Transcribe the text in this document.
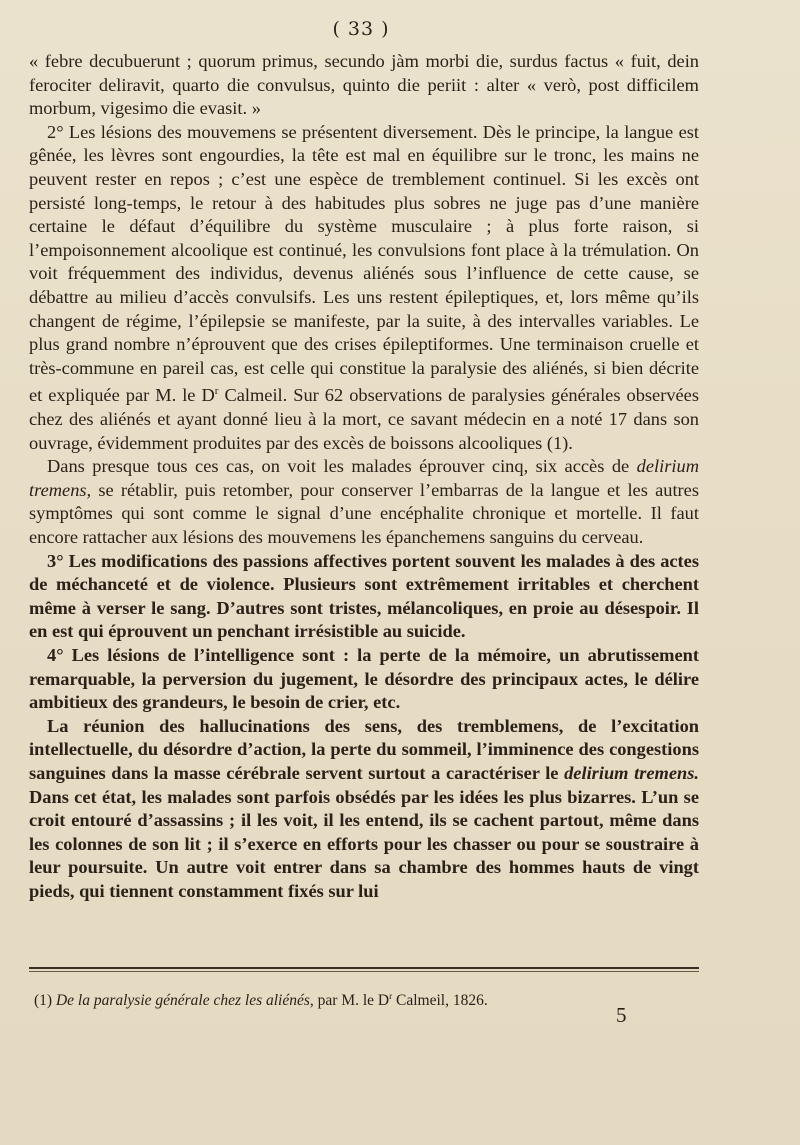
( 33 )

« febre decubuerunt ; quorum primus, secundo jàm morbi die, surdus factus « fuit, dein ferociter deliravit, quarto die convulsus, quinto die periit : alter « verò, post difficilem morbum, vigesimo die evasit. »

2° Les lésions des mouvemens se présentent diversement. Dès le principe, la langue est gênée, les lèvres sont engourdies, la tête est mal en équilibre sur le tronc, les mains ne peuvent rester en repos ; c’est une espèce de tremblement continuel. Si les excès ont persisté long-temps, le retour à des habitudes plus sobres ne juge pas d’une manière certaine le défaut d’équilibre du système musculaire ; à plus forte raison, si l’empoisonnement alcoolique est continué, les convulsions font place à la trémulation. On voit fréquemment des individus, devenus aliénés sous l’influence de cette cause, se débattre au milieu d’accès convulsifs. Les uns restent épileptiques, et, lors même qu’ils changent de régime, l’épilepsie se manifeste, par la suite, à des intervalles variables. Le plus grand nombre n’éprouvent que des crises épileptiformes. Une terminaison cruelle et très-commune en pareil cas, est celle qui constitue la paralysie des aliénés, si bien décrite et expliquée par M. le $D^r$ Calmeil. Sur 62 observations de paralysies générales observées chez des aliénés et ayant donné lieu à la mort, ce savant médecin en a noté 17 dans son ouvrage, évidemment produites par des excès de boissons alcooliques (1).

Dans presque tous ces cas, on voit les malades éprouver cinq, six accès de delirium tremens, se rétablir, puis retomber, pour conserver l’embarras de la langue et les autres symptômes qui sont comme le signal d’une encéphalite chronique et mortelle. Il faut encore rattacher aux lésions des mouvemens les épanchemens sanguins du cerveau.

3° Les modifications des passions affectives portent souvent les malades à des actes de méchanceté et de violence. Plusieurs sont extrêmement irritables et cherchent même à verser le sang. D’autres sont tristes, mélancoliques, en proie au désespoir. Il en est qui éprouvent un penchant irrésistible au suicide.

4° Les lésions de l’intelligence sont : la perte de la mémoire, un abrutissement remarquable, la perversion du jugement, le désordre des principaux actes, le délire ambitieux des grandeurs, le besoin de crier, etc.

La réunion des hallucinations des sens, des tremblemens, de l’excitation intellectuelle, du désordre d’action, la perte du sommeil, l’imminence des congestions sanguines dans la masse cérébrale servent surtout a caractériser le delirium tremens. Dans cet état, les malades sont parfois obsédés par les idées les plus bizarres. L’un se croit entouré d’assassins ; il les voit, il les entend, ils se cachent partout, même dans les colonnes de son lit ; il s’exerce en efforts pour les chasser ou pour se soustraire à leur poursuite. Un autre voit entrer dans sa chambre des hommes hauts de vingt pieds, qui tiennent constamment fixés sur lui

(1) De la paralysie générale chez les aliénés, par M. le $D^r$ Calmeil, 1826.
5
